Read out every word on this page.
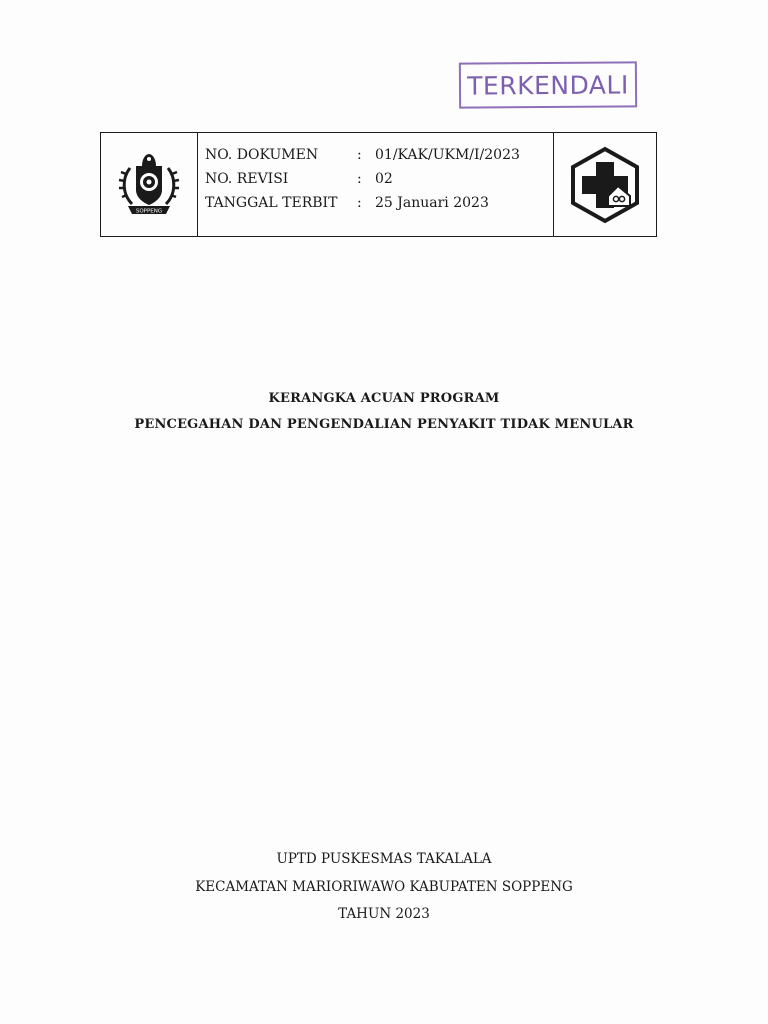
TERKENDALI
SOPPENG
NO. DOKUMEN	: 01/KAK/UKM/I/2023
NO. REVISI	: 02
TANGGAL TERBIT	: 25 Januari 2023
KERANGKA ACUAN PROGRAM
PENCEGAHAN DAN PENGENDALIAN PENYAKIT TIDAK MENULAR
UPTD PUSKESMAS TAKALALA
KECAMATAN MARIORIWAWO KABUPATEN SOPPENG
TAHUN 2023
